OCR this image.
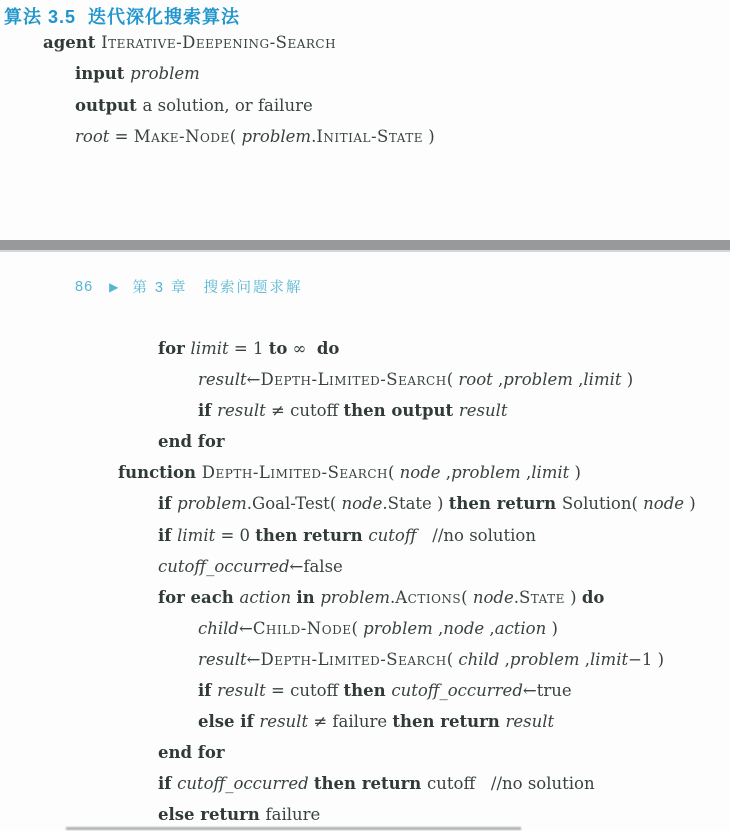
算法 3.5 迭代深化搜索算法
agent Iterative-Deepening-Search
input problem
output a solution, or failure
root = Make-Node( problem.Initial-State )
86 ▶ 第 3 章 搜索问题求解
for limit = 1 to ∞  do
result←Depth-Limited-Search( root ,problem ,limit )
if result ≠ cutoff then output result
end for
function Depth-Limited-Search( node ,problem ,limit )
if problem.Goal-Test( node.State ) then return Solution( node )
if limit = 0 then return cutoff   //no solution
cutoff_occurred←false
for each action in problem.Actions( node.State ) do
child←Child-Node( problem ,node ,action )
result←Depth-Limited-Search( child ,problem ,limit−1 )
if result = cutoff then cutoff_occurred←true
else if result ≠ failure then return result
end for
if cutoff_occurred then return cutoff   //no solution
else return failure
